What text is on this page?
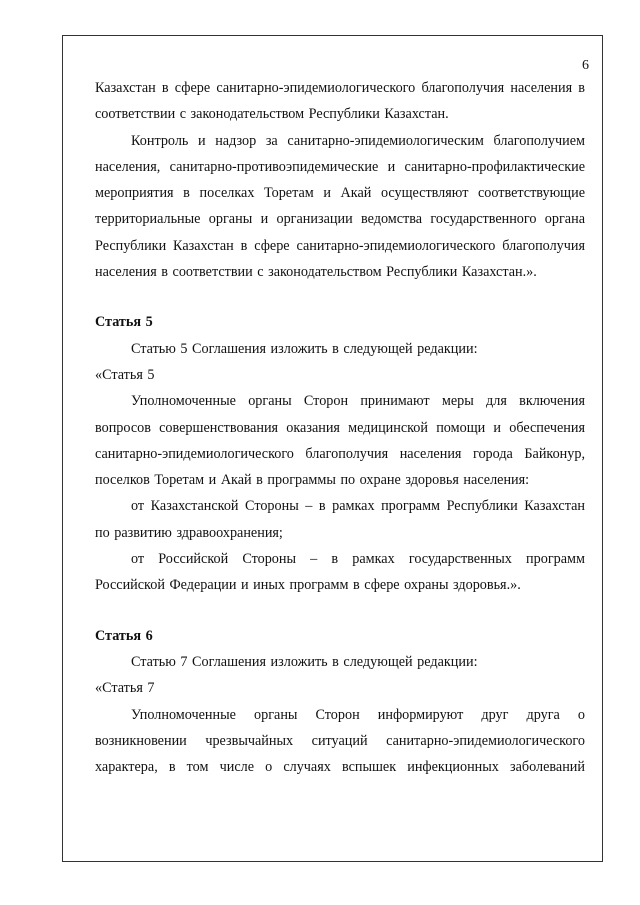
6

Казахстан в сфере санитарно-эпидемиологического благополучия населения в соответствии с законодательством Республики Казахстан.

Контроль и надзор за санитарно-эпидемиологическим благополучием населения, санитарно-противоэпидемические и санитарно-профилактические мероприятия в поселках Торетам и Акай осуществляют соответствующие территориальные органы и организации ведомства государственного органа Республики Казахстан в сфере санитарно-эпидемиологического благополучия населения в соответствии с законодательством Республики Казахстан.».

Статья 5

Статью 5 Соглашения изложить в следующей редакции:

«Статья 5

Уполномоченные органы Сторон принимают меры для включения вопросов совершенствования оказания медицинской помощи и обеспечения санитарно-эпидемиологического благополучия населения города Байконур, поселков Торетам и Акай в программы по охране здоровья населения:

от Казахстанской Стороны – в рамках программ Республики Казахстан по развитию здравоохранения;

от Российской Стороны – в рамках государственных программ Российской Федерации и иных программ в сфере охраны здоровья.».

Статья 6

Статью 7 Соглашения изложить в следующей редакции:

«Статья 7

Уполномоченные органы Сторон информируют друг друга о возникновении чрезвычайных ситуаций санитарно-эпидемиологического характера, в том числе о случаях вспышек инфекционных заболеваний
